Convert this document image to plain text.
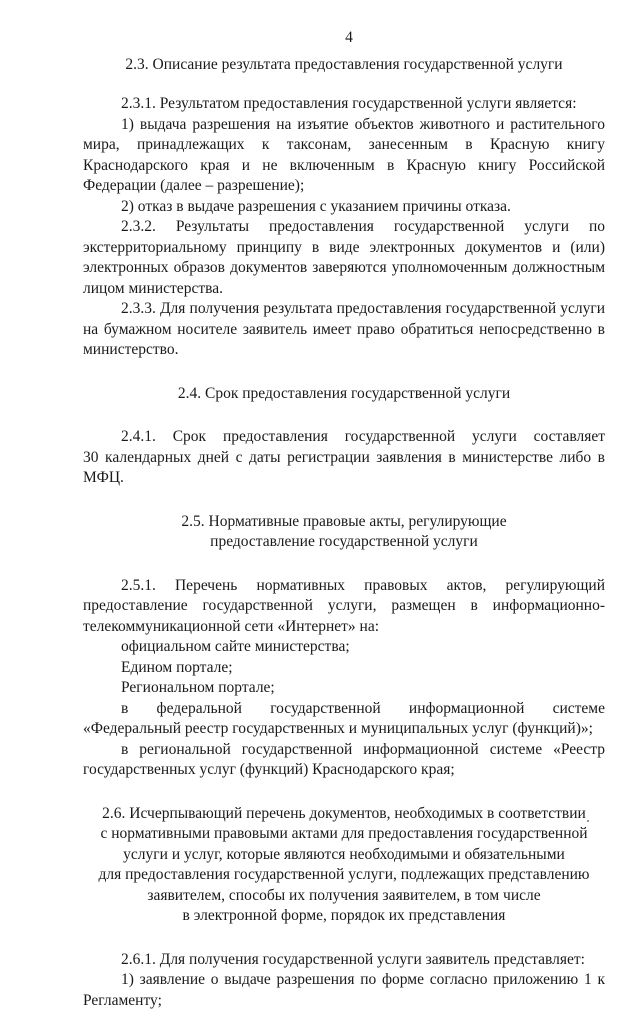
4
2.3. Описание результата предоставления государственной услуги

2.3.1. Результатом предоставления государственной услуги является:

1) выдача разрешения на изъятие объектов животного и растительного мира, принадлежащих к таксонам, занесенным в Красную книгу Краснодарского края и не включенным в Красную книгу Российской Федерации (далее – разрешение);

2) отказ в выдаче разрешения с указанием причины отказа.

2.3.2. Результаты предоставления государственной услуги по экстерриториальному принципу в виде электронных документов и (или) электронных образов документов заверяются уполномоченным должностным лицом министерства.

2.3.3. Для получения результата предоставления государственной услуги на бумажном носителе заявитель имеет право обратиться непосредственно в министерство.

2.4. Срок предоставления государственной услуги

2.4.1. Срок предоставления государственной услуги составляет

30 календарных дней с даты регистрации заявления в министерстве либо в МФЦ.

2.5. Нормативные правовые акты, регулирующие
предоставление государственной услуги

2.5.1. Перечень нормативных правовых актов, регулирующий предоставление государственной услуги, размещен в информационно-телекоммуникационной сети «Интернет» на:

официальном сайте министерства;

Едином портале;

Региональном портале;

в федеральной государственной информационной системе «Федеральный реестр государственных и муниципальных услуг (функций)»;

в региональной государственной информационной системе «Реестр государственных услуг (функций) Краснодарского края;

2.6. Исчерпывающий перечень документов, необходимых в соответствии
с нормативными правовыми актами для предоставления государственной
услуги и услуг, которые являются необходимыми и обязательными
для предоставления государственной услуги, подлежащих представлению
заявителем, способы их получения заявителем, в том числе
в электронной форме, порядок их представления

2.6.1. Для получения государственной услуги заявитель представляет:

1) заявление о выдаче разрешения по форме согласно приложению 1 к Регламенту;
